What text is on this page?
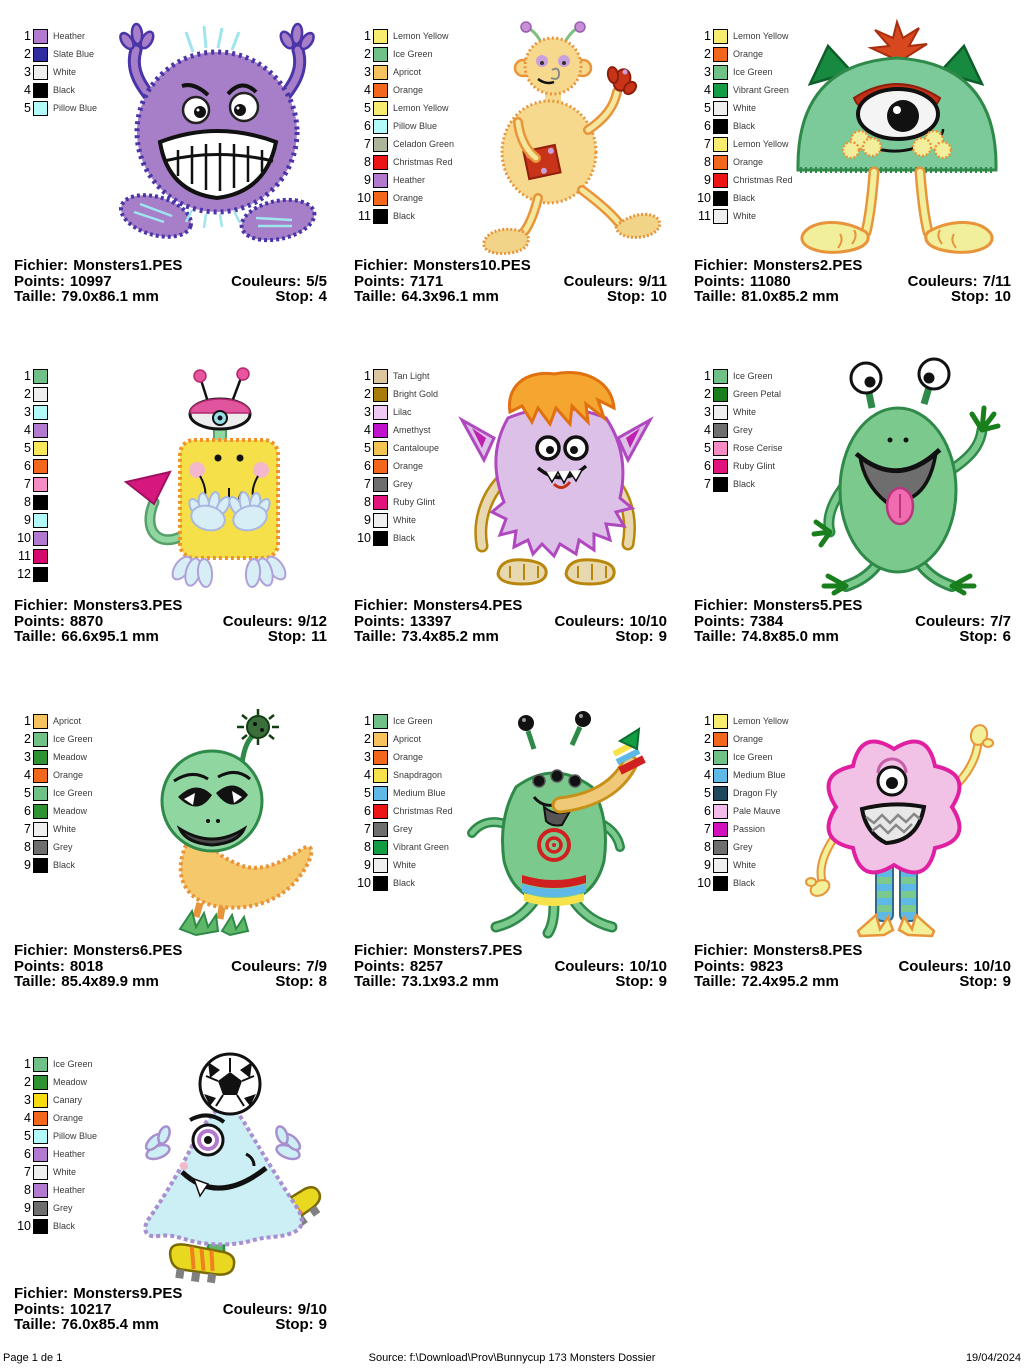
1 Heather
2 Slate Blue
3 White
4 Black
5 Pillow Blue
Fichier: Monsters1.PES
Points: 10997	Couleurs: 5/5
Taille: 79.0x86.1 mm	Stop: 4
1 Lemon Yellow
2 Ice Green
3 Apricot
4 Orange
5 Lemon Yellow
6 Pillow Blue
7 Celadon Green
8 Christmas Red
9 Heather
10 Orange
11 Black
Fichier: Monsters10.PES
Points: 7171	Couleurs: 9/11
Taille: 64.3x96.1 mm	Stop: 10
1 Lemon Yellow
2 Orange
3 Ice Green
4 Vibrant Green
5 White
6 Black
7 Lemon Yellow
8 Orange
9 Christmas Red
10 Black
11 White
Fichier: Monsters2.PES
Points: 11080	Couleurs: 7/11
Taille: 81.0x85.2 mm	Stop: 10
1
2
3
4
5
6
7
8
9
10
11
12
Fichier: Monsters3.PES
Points: 8870	Couleurs: 9/12
Taille: 66.6x95.1 mm	Stop: 11
1 Tan Light
2 Bright Gold
3 Lilac
4 Amethyst
5 Cantaloupe
6 Orange
7 Grey
8 Ruby Glint
9 White
10 Black
Fichier: Monsters4.PES
Points: 13397	Couleurs: 10/10
Taille: 73.4x85.2 mm	Stop: 9
1 Ice Green
2 Green Petal
3 White
4 Grey
5 Rose Cerise
6 Ruby Glint
7 Black
Fichier: Monsters5.PES
Points: 7384	Couleurs: 7/7
Taille: 74.8x85.0 mm	Stop: 6
1 Apricot
2 Ice Green
3 Meadow
4 Orange
5 Ice Green
6 Meadow
7 White
8 Grey
9 Black
Fichier: Monsters6.PES
Points: 8018	Couleurs: 7/9
Taille: 85.4x89.9 mm	Stop: 8
1 Ice Green
2 Apricot
3 Orange
4 Snapdragon
5 Medium Blue
6 Christmas Red
7 Grey
8 Vibrant Green
9 White
10 Black
Fichier: Monsters7.PES
Points: 8257	Couleurs: 10/10
Taille: 73.1x93.2 mm	Stop: 9
1 Lemon Yellow
2 Orange
3 Ice Green
4 Medium Blue
5 Dragon Fly
6 Pale Mauve
7 Passion
8 Grey
9 White
10 Black
Fichier: Monsters8.PES
Points: 9823	Couleurs: 10/10
Taille: 72.4x95.2 mm	Stop: 9
1 Ice Green
2 Meadow
3 Canary
4 Orange
5 Pillow Blue
6 Heather
7 White
8 Heather
9 Grey
10 Black
Fichier: Monsters9.PES
Points: 10217	Couleurs: 9/10
Taille: 76.0x85.4 mm	Stop: 9
Page 1 de 1	Source: f:\Download\Prov\Bunnycup 173 Monsters Dossier	19/04/2024
